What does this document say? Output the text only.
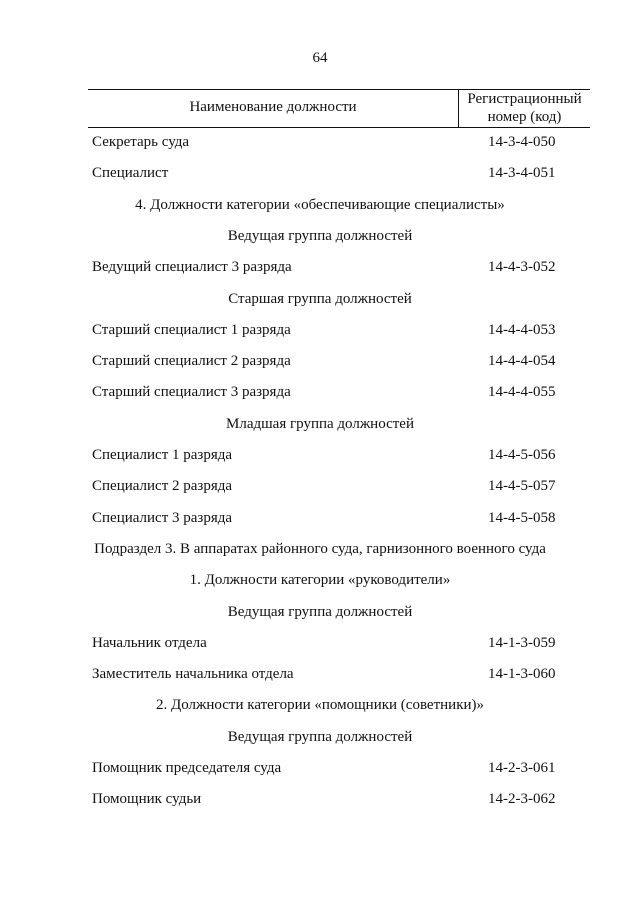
64
Наименование должности	Регистрационный номер (код)
Секретарь суда	14-3-4-050
Специалист	14-3-4-051
4. Должности категории «обеспечивающие специалисты»
Ведущая группа должностей
Ведущий специалист 3 разряда	14-4-3-052
Старшая группа должностей
Старший специалист 1 разряда	14-4-4-053
Старший специалист 2 разряда	14-4-4-054
Старший специалист 3 разряда	14-4-4-055
Младшая группа должностей
Специалист 1 разряда	14-4-5-056
Специалист 2 разряда	14-4-5-057
Специалист 3 разряда	14-4-5-058
Подраздел 3. В аппаратах районного суда, гарнизонного военного суда
1. Должности категории «руководители»
Ведущая группа должностей
Начальник отдела	14-1-3-059
Заместитель начальника отдела	14-1-3-060
2. Должности категории «помощники (советники)»
Ведущая группа должностей
Помощник председателя суда	14-2-3-061
Помощник судьи	14-2-3-062
